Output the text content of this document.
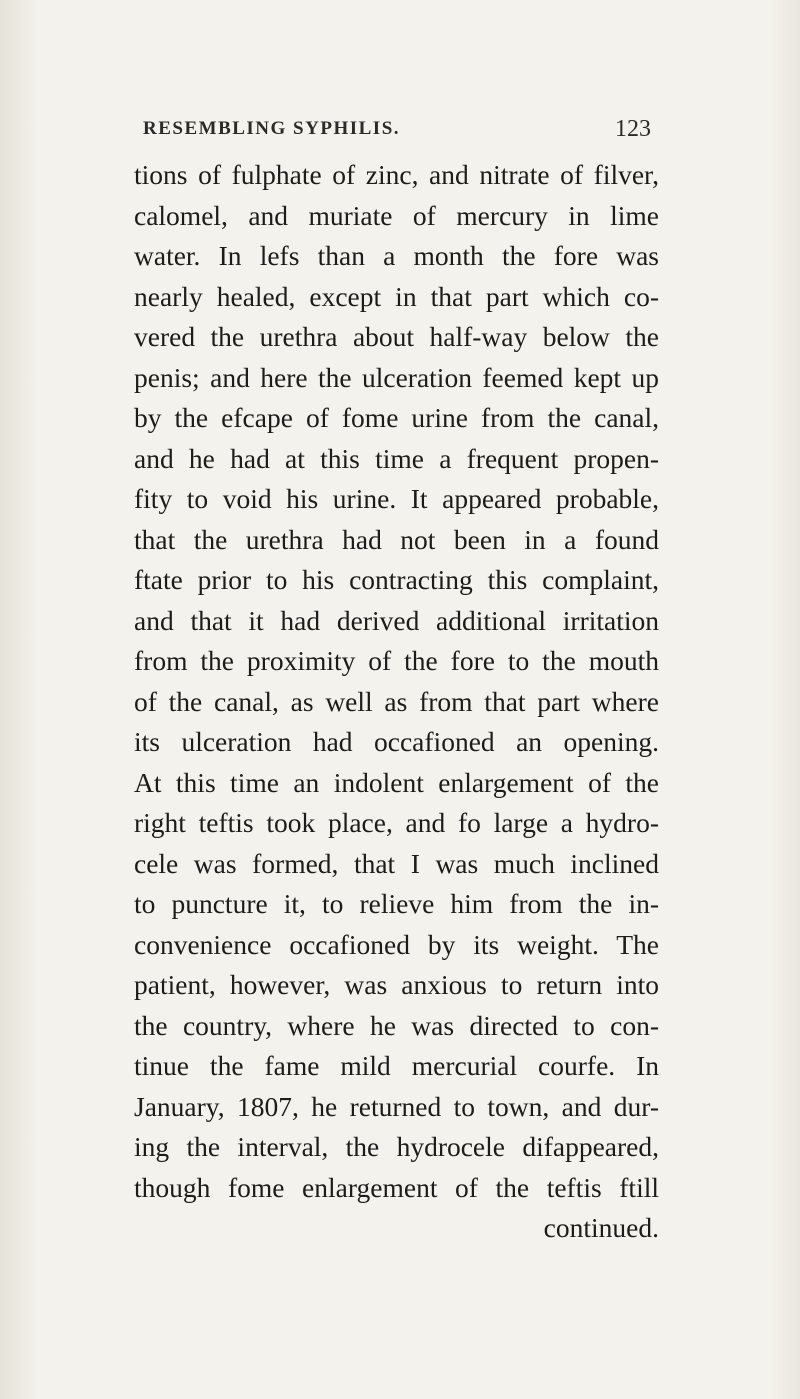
RESEMBLING SYPHILIS.	123
tions of fulphate of zinc, and nitrate of filver,
calomel, and muriate of mercury in lime
water. In lefs than a month the fore was
nearly healed, except in that part which co-
vered the urethra about half-way below the
penis; and here the ulceration feemed kept up
by the efcape of fome urine from the canal,
and he had at this time a frequent propen-
fity to void his urine. It appeared probable,
that the urethra had not been in a found
ftate prior to his contracting this complaint,
and that it had derived additional irritation
from the proximity of the fore to the mouth
of the canal, as well as from that part where
its ulceration had occafioned an opening.
At this time an indolent enlargement of the
right teftis took place, and fo large a hydro-
cele was formed, that I was much inclined
to puncture it, to relieve him from the in-
convenience occafioned by its weight. The
patient, however, was anxious to return into
the country, where he was directed to con-
tinue the fame mild mercurial courfe. In
January, 1807, he returned to town, and dur-
ing the interval, the hydrocele difappeared,
though fome enlargement of the teftis ftill
continued.
